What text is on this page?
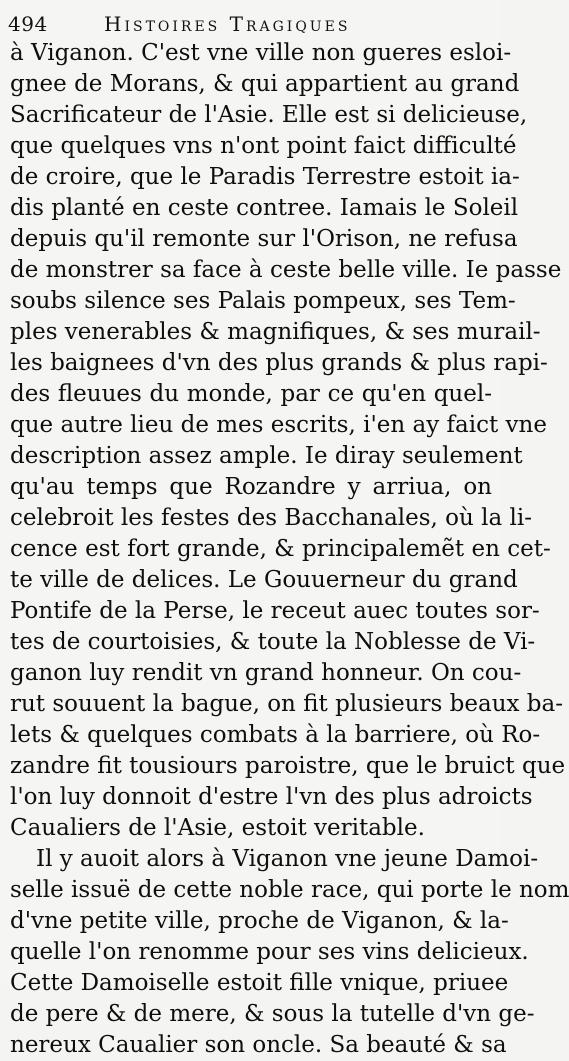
494	Histoires Tragiques
à Viganon. C'est vne ville non gueres esloi-
gnee de Morans, & qui appartient au grand
Sacrificateur de l'Asie. Elle est si delicieuse,
que quelques vns n'ont point faict difficulté
de croire, que le Paradis Terrestre estoit ia-
dis planté en ceste contree. Iamais le Soleil
depuis qu'il remonte sur l'Orison, ne refusa
de monstrer sa face à ceste belle ville. Ie passe
soubs silence ses Palais pompeux, ses Tem-
ples venerables & magnifiques, & ses murail-
les baignees d'vn des plus grands & plus rapi-
des fleuues du monde, par ce qu'en quel-
que autre lieu de mes escrits, i'en ay faict vne
description assez ample. Ie diray seulement
qu'au temps que Rozandre y arriua, on
celebroit les festes des Bacchanales, où la li-
cence est fort grande, & principalemẽt en cet-
te ville de delices. Le Gouuerneur du grand
Pontife de la Perse, le receut auec toutes sor-
tes de courtoisies, & toute la Noblesse de Vi-
ganon luy rendit vn grand honneur. On cou-
rut souuent la bague, on fit plusieurs beaux ba-
lets & quelques combats à la barriere, où Ro-
zandre fit tousiours paroistre, que le bruict que
l'on luy donnoit d'estre l'vn des plus adroicts
Caualiers de l'Asie, estoit veritable.
Il y auoit alors à Viganon vne jeune Damoi-
selle issuë de cette noble race, qui porte le nom
d'vne petite ville, proche de Viganon, & la-
quelle l'on renomme pour ses vins delicieux.
Cette Damoiselle estoit fille vnique, priuee
de pere & de mere, & sous la tutelle d'vn ge-
nereux Caualier son oncle. Sa beauté & sa
